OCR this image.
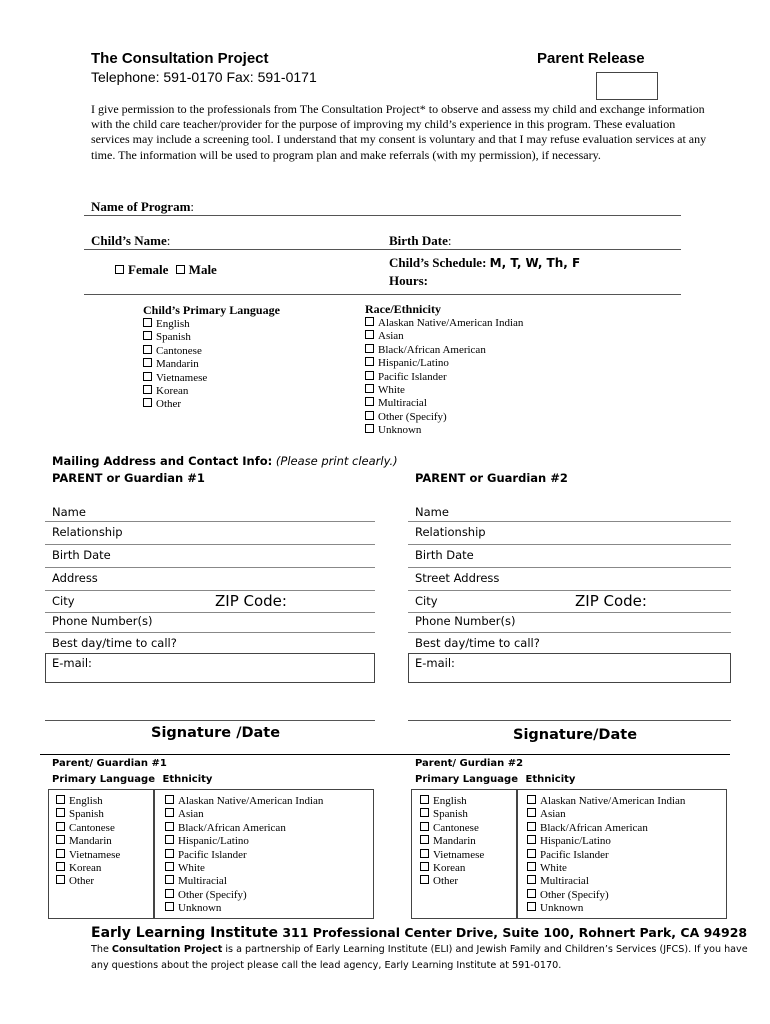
The Consultation Project
Telephone: 591-0170 Fax: 591-0171
Parent Release
I give permission to the professionals from The Consultation Project* to observe and assess my child and exchange information with the child care teacher/provider for the purpose of improving my child’s experience in this program. These evaluation services may include a screening tool. I understand that my consent is voluntary and that I may refuse evaluation services at any time. The information will be used to program plan and make referrals (with my permission), if necessary.
Name of Program:
Child’s Name:	Birth Date:
Female Male	Child’s Schedule: M, T, W, Th, F
Hours:
Child’s Primary Language
English
Spanish
Cantonese
Mandarin
Vietnamese
Korean
Other
Race/Ethnicity
Alaskan Native/American Indian
Asian
Black/African American
Hispanic/Latino
Pacific Islander
White
Multiracial
Other (Specify)
Unknown
Mailing Address and Contact Info: (Please print clearly.)
PARENT or Guardian #1	PARENT or Guardian #2
Name
Relationship
Birth Date
Address
City	ZIP Code:
Phone Number(s)
Best day/time to call?
E-mail:
Name
Relationship
Birth Date
Street Address
City	ZIP Code:
Phone Number(s)
Best day/time to call?
E-mail:
Signature /Date	Signature/Date
Parent/ Guardian #1
Primary Language Ethnicity
English
Spanish
Cantonese
Mandarin
Vietnamese
Korean
Other
Alaskan Native/American Indian
Asian
Black/African American
Hispanic/Latino
Pacific Islander
White
Multiracial
Other (Specify)
Unknown
Parent/ Gurdian #2
Primary Language Ethnicity
English
Spanish
Cantonese
Mandarin
Vietnamese
Korean
Other
Alaskan Native/American Indian
Asian
Black/African American
Hispanic/Latino
Pacific Islander
White
Multiracial
Other (Specify)
Unknown
Early Learning Institute 311 Professional Center Drive, Suite 100, Rohnert Park, CA 94928
The Consultation Project is a partnership of Early Learning Institute (ELI) and Jewish Family and Children’s Services (JFCS). If you have
any questions about the project please call the lead agency, Early Learning Institute at 591-0170.
